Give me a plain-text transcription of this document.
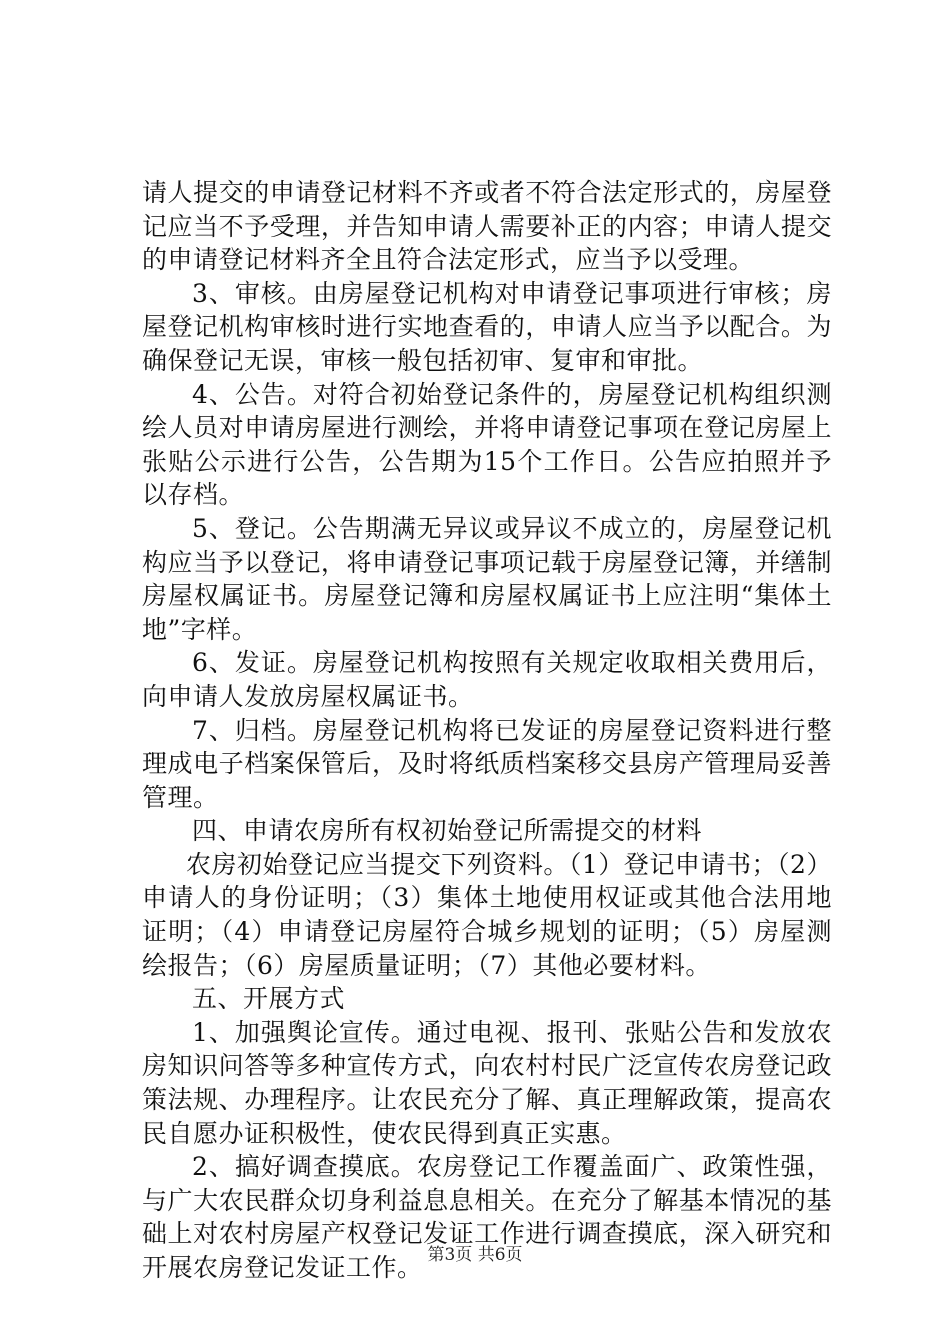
请人提交的申请登记材料不齐或者不符合法定形式的，房屋登记应当不予受理，并告知申请人需要补正的内容；申请人提交的申请登记材料齐全且符合法定形式，应当予以受理。

3、审核。由房屋登记机构对申请登记事项进行审核；房屋登记机构审核时进行实地查看的，申请人应当予以配合。为确保登记无误，审核一般包括初审、复审和审批。

4、公告。对符合初始登记条件的，房屋登记机构组织测绘人员对申请房屋进行测绘，并将申请登记事项在登记房屋上张贴公示进行公告，公告期为15个工作日。公告应拍照并予以存档。

5、登记。公告期满无异议或异议不成立的，房屋登记机构应当予以登记，将申请登记事项记载于房屋登记簿，并缮制房屋权属证书。房屋登记簿和房屋权属证书上应注明“集体土地”字样。

6、发证。房屋登记机构按照有关规定收取相关费用后，向申请人发放房屋权属证书。

7、归档。房屋登记机构将已发证的房屋登记资料进行整理成电子档案保管后，及时将纸质档案移交县房产管理局妥善管理。

四、申请农房所有权初始登记所需提交的材料

农房初始登记应当提交下列资料。（1）登记申请书；（2）申请人的身份证明；（3）集体土地使用权证或其他合法用地证明；（4）申请登记房屋符合城乡规划的证明；（5）房屋测绘报告；（6）房屋质量证明；（7）其他必要材料。

五、开展方式

1、加强舆论宣传。通过电视、报刊、张贴公告和发放农房知识问答等多种宣传方式，向农村村民广泛宣传农房登记政策法规、办理程序。让农民充分了解、真正理解政策，提高农民自愿办证积极性，使农民得到真正实惠。

2、搞好调查摸底。农房登记工作覆盖面广、政策性强，与广大农民群众切身利益息息相关。在充分了解基本情况的基础上对农村房屋产权登记发证工作进行调查摸底，深入研究和开展农房登记发证工作。 第3页 共6页
